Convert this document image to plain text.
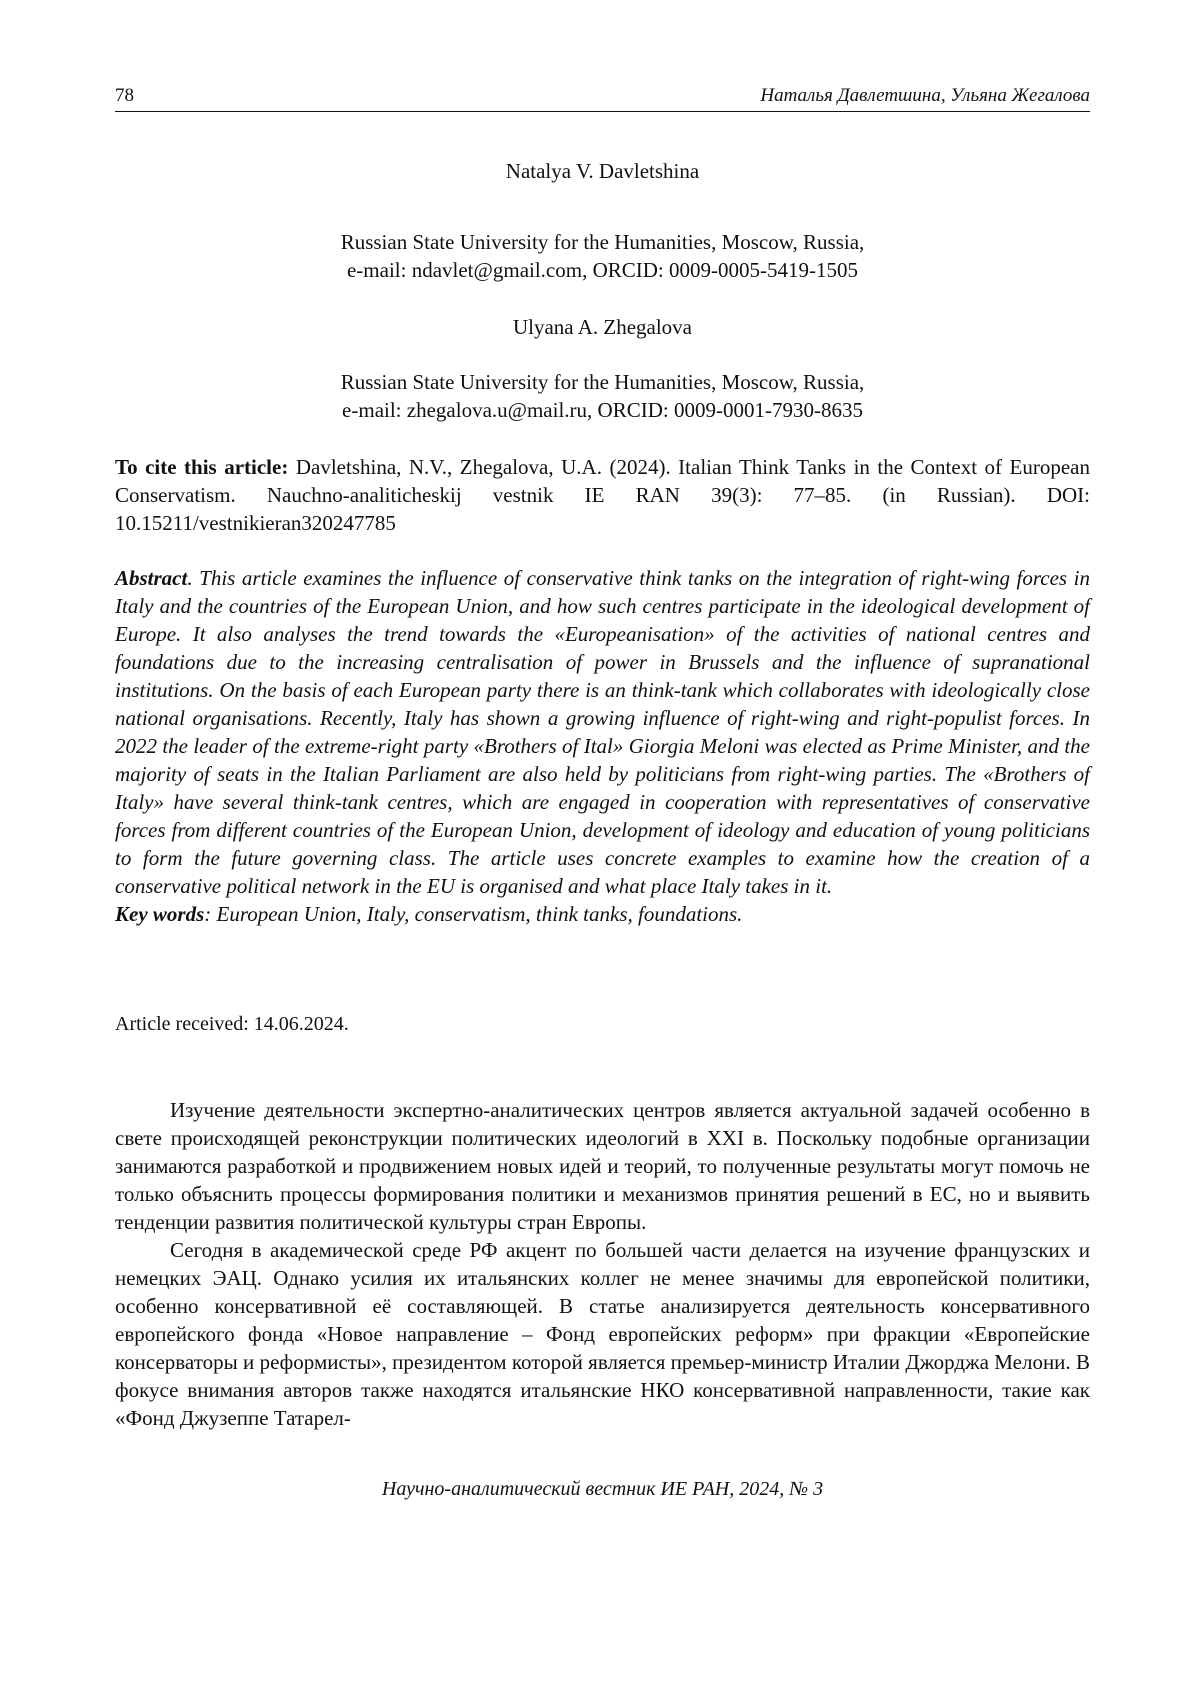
78	Наталья Давлетшина, Ульяна Жегалова
Natalya V. Davletshina
Russian State University for the Humanities, Moscow, Russia,
e-mail: ndavlet@gmail.com, ORCID: 0009-0005-5419-1505
Ulyana A. Zhegalova
Russian State University for the Humanities, Moscow, Russia,
e-mail: zhegalova.u@mail.ru, ORCID: 0009-0001-7930-8635
To cite this article: Davletshina, N.V., Zhegalova, U.A. (2024). Italian Think Tanks in the Context of European Conservatism. Nauchno-analiticheskij vestnik IE RAN 39(3): 77–85. (in Russian). DOI: 10.15211/vestnikieran320247785
Abstract. This article examines the influence of conservative think tanks on the integration of right-wing forces in Italy and the countries of the European Union, and how such centres participate in the ideological development of Europe. It also analyses the trend towards the «Europeanisation» of the activities of national centres and foundations due to the increasing centralisation of power in Brussels and the influence of supranational institutions. On the basis of each European party there is an think-tank which collaborates with ideologically close national organisations. Recently, Italy has shown a growing influence of right-wing and right-populist forces. In 2022 the leader of the extreme-right party «Brothers of Ital» Giorgia Meloni was elected as Prime Minister, and the majority of seats in the Italian Parliament are also held by politicians from right-wing parties. The «Brothers of Italy» have several think-tank centres, which are engaged in cooperation with representatives of conservative forces from different countries of the European Union, development of ideology and education of young politicians to form the future governing class. The article uses concrete examples to examine how the creation of a conservative political network in the EU is organised and what place Italy takes in it.
Key words: European Union, Italy, conservatism, think tanks, foundations.
Article received: 14.06.2024.

Изучение деятельности экспертно-аналитических центров является актуальной задачей особенно в свете происходящей реконструкции политических идеологий в XXI в. Поскольку подобные организации занимаются разработкой и продвижением новых идей и теорий, то полученные результаты могут помочь не только объяснить процессы формирования политики и механизмов принятия решений в ЕС, но и выявить тенденции развития политической культуры стран Европы.

Сегодня в академической среде РФ акцент по большей части делается на изучение французских и немецких ЭАЦ. Однако усилия их итальянских коллег не менее значимы для европейской политики, особенно консервативной её составляющей. В статье анализируется деятельность консервативного европейского фонда «Новое направление – Фонд европейских реформ» при фракции «Европейские консерваторы и реформисты», президентом которой является премьер-министр Италии Джорджа Мелони. В фокусе внимания авторов также находятся итальянские НКО консервативной направленности, такие как «Фонд Джузеппе Татарел-

Научно-аналитический вестник ИЕ РАН, 2024, № 3
